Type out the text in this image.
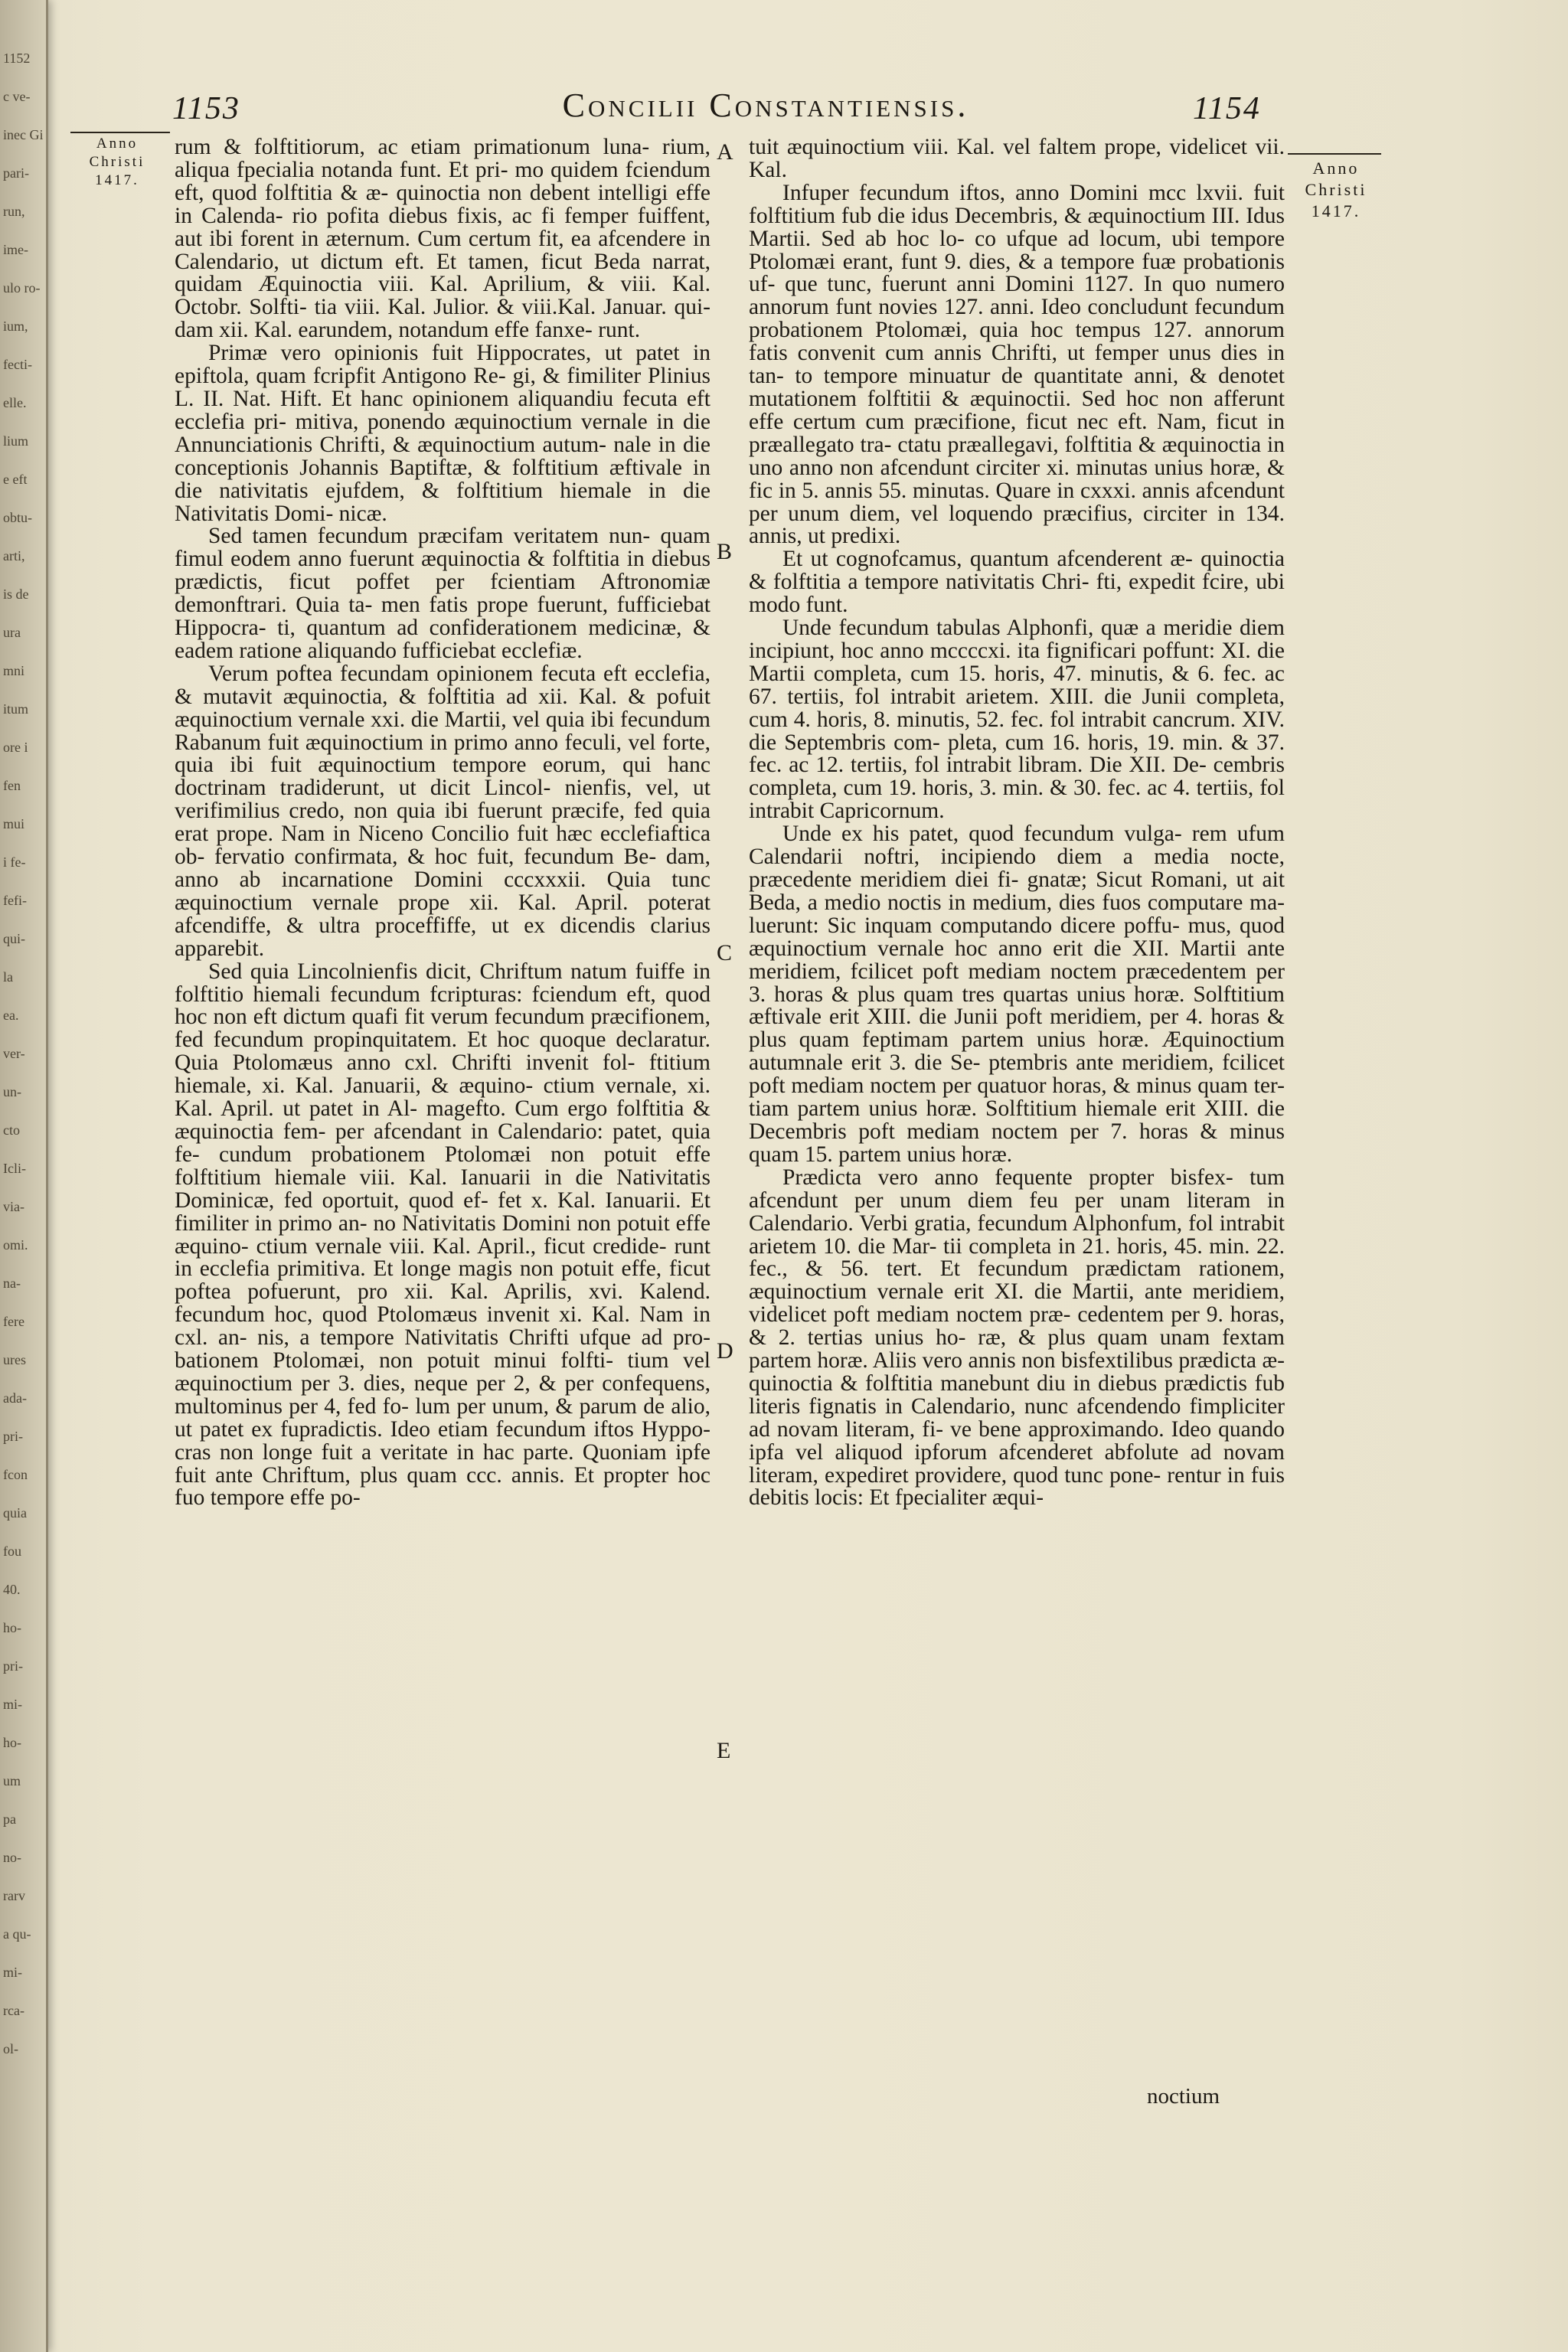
1152

c ve-

inec Gi

pari-

run,

ime-

ulo ro-

ium,

fecti-

elle.

lium

e eft

obtu-

arti,

is de

ura

mni

itum

ore i

fen

mui

i fe-

fefi-

qui-

la

ea.

ver-

un-

cto

Icli-

via-

omi.

na-

fere

ures

ada-

pri-

fcon

quia

fou

40.

ho-

pri-

mi-

ho-

um

pa

no-

rarv

a qu-

mi-

rca-

ol-

1153	Concilii Constantiensis.	1154

Anno
Christi
1417.

Anno
Christi
1417.

rum & folftitiorum, ac etiam primationum luna- rium, aliqua fpecialia notanda funt. Et pri- mo quidem fciendum eft, quod folftitia & æ- quinoctia non debent intelligi effe in Calenda- rio pofita diebus fixis, ac fi femper fuiffent, aut ibi forent in æternum. Cum certum fit, ea afcendere in Calendario, ut dictum eft. Et tamen, ficut Beda narrat, quidam Æquinoctia viii. Kal. Aprilium, & viii. Kal. Octobr. Solfti- tia viii. Kal. Julior. & viii.Kal. Januar. qui- dam xii. Kal. earundem, notandum effe fanxe- runt.

Primæ vero opinionis fuit Hippocrates, ut patet in epiftola, quam fcripfit Antigono Re- gi, & fimiliter Plinius L. II. Nat. Hift. Et hanc opinionem aliquandiu fecuta eft ecclefia pri- mitiva, ponendo æquinoctium vernale in die Annunciationis Chrifti, & æquinoctium autum- nale in die conceptionis Johannis Baptiftæ, & folftitium æftivale in die nativitatis ejufdem, & folftitium hiemale in die Nativitatis Domi- nicæ.

Sed tamen fecundum præcifam veritatem nun- quam fimul eodem anno fuerunt æquinoctia & folftitia in diebus prædictis, ficut poffet per fcientiam Aftronomiæ demonftrari. Quia ta- men fatis prope fuerunt, fufficiebat Hippocra- ti, quantum ad confiderationem medicinæ, & eadem ratione aliquando fufficiebat ecclefiæ.

Verum poftea fecundam opinionem fecuta eft ecclefia, & mutavit æquinoctia, & folftitia ad xii. Kal. & pofuit æquinoctium vernale xxi. die Martii, vel quia ibi fecundum Rabanum fuit æquinoctium in primo anno feculi, vel forte, quia ibi fuit æquinoctium tempore eorum, qui hanc doctrinam tradiderunt, ut dicit Lincol- nienfis, vel, ut verifimilius credo, non quia ibi fuerunt præcife, fed quia erat prope. Nam in Niceno Concilio fuit hæc ecclefiaftica ob- fervatio confirmata, & hoc fuit, fecundum Be- dam, anno ab incarnatione Domini cccxxxii. Quia tunc æquinoctium vernale prope xii. Kal. April. poterat afcendiffe, & ultra proceffiffe, ut ex dicendis clarius apparebit.

Sed quia Lincolnienfis dicit, Chriftum natum fuiffe in folftitio hiemali fecundum fcripturas: fciendum eft, quod hoc non eft dictum quafi fit verum fecundum præcifionem, fed fecundum propinquitatem. Et hoc quoque declaratur. Quia Ptolomæus anno cxl. Chrifti invenit fol- ftitium hiemale, xi. Kal. Januarii, & æquino- ctium vernale, xi. Kal. April. ut patet in Al- magefto. Cum ergo folftitia & æquinoctia fem- per afcendant in Calendario: patet, quia fe- cundum probationem Ptolomæi non potuit effe folftitium hiemale viii. Kal. Ianuarii in die Nativitatis Dominicæ, fed oportuit, quod ef- fet x. Kal. Ianuarii. Et fimiliter in primo an- no Nativitatis Domini non potuit effe æquino- ctium vernale viii. Kal. April., ficut credide- runt in ecclefia primitiva. Et longe magis non potuit effe, ficut poftea pofuerunt, pro xii. Kal. Aprilis, xvi. Kalend. fecundum hoc, quod Ptolomæus invenit xi. Kal. Nam in cxl. an- nis, a tempore Nativitatis Chrifti ufque ad pro- bationem Ptolomæi, non potuit minui folfti- tium vel æquinoctium per 3. dies, neque per 2, & per confequens, multominus per 4, fed fo- lum per unum, & parum de alio, ut patet ex fupradictis. Ideo etiam fecundum iftos Hyppo- cras non longe fuit a veritate in hac parte. Quoniam ipfe fuit ante Chriftum, plus quam ccc. annis. Et propter hoc fuo tempore effe po-

A
B
C
D
E

tuit æquinoctium viii. Kal. vel faltem prope, videlicet vii. Kal.

Infuper fecundum iftos, anno Domini mcc lxvii. fuit folftitium fub die idus Decembris, & æquinoctium III. Idus Martii. Sed ab hoc lo- co ufque ad locum, ubi tempore Ptolomæi erant, funt 9. dies, & a tempore fuæ probationis uf- que tunc, fuerunt anni Domini 1127. In quo numero annorum funt novies 127. anni. Ideo concludunt fecundum probationem Ptolomæi, quia hoc tempus 127. annorum fatis convenit cum annis Chrifti, ut femper unus dies in tan- to tempore minuatur de quantitate anni, & denotet mutationem folftitii & æquinoctii. Sed hoc non afferunt effe certum cum præcifione, ficut nec eft. Nam, ficut in præallegato tra- ctatu præallegavi, folftitia & æquinoctia in uno anno non afcendunt circiter xi. minutas unius horæ, & fic in 5. annis 55. minutas. Quare in cxxxi. annis afcendunt per unum diem, vel loquendo præcifius, circiter in 134. annis, ut predixi.

Et ut cognofcamus, quantum afcenderent æ- quinoctia & folftitia a tempore nativitatis Chri- fti, expedit fcire, ubi modo funt.

Unde fecundum tabulas Alphonfi, quæ a meridie diem incipiunt, hoc anno mccccxi. ita fignificari poffunt: XI. die Martii completa, cum 15. horis, 47. minutis, & 6. fec. ac 67. tertiis, fol intrabit arietem. XIII. die Junii completa, cum 4. horis, 8. minutis, 52. fec. fol intrabit cancrum. XIV. die Septembris com- pleta, cum 16. horis, 19. min. & 37. fec. ac 12. tertiis, fol intrabit libram. Die XII. De- cembris completa, cum 19. horis, 3. min. & 30. fec. ac 4. tertiis, fol intrabit Capricornum.

Unde ex his patet, quod fecundum vulga- rem ufum Calendarii noftri, incipiendo diem a media nocte, præcedente meridiem diei fi- gnatæ; Sicut Romani, ut ait Beda, a medio noctis in medium, dies fuos computare ma- luerunt: Sic inquam computando dicere poffu- mus, quod æquinoctium vernale hoc anno erit die XII. Martii ante meridiem, fcilicet poft mediam noctem præcedentem per 3. horas & plus quam tres quartas unius horæ. Solftitium æftivale erit XIII. die Junii poft meridiem, per 4. horas & plus quam feptimam partem unius horæ. Æquinoctium autumnale erit 3. die Se- ptembris ante meridiem, fcilicet poft mediam noctem per quatuor horas, & minus quam ter- tiam partem unius horæ. Solftitium hiemale erit XIII. die Decembris poft mediam noctem per 7. horas & minus quam 15. partem unius horæ.

Prædicta vero anno fequente propter bisfex- tum afcendunt per unum diem feu per unam literam in Calendario. Verbi gratia, fecundum Alphonfum, fol intrabit arietem 10. die Mar- tii completa in 21. horis, 45. min. 22. fec., & 56. tert. Et fecundum prædictam rationem, æquinoctium vernale erit XI. die Martii, ante meridiem, videlicet poft mediam noctem præ- cedentem per 9. horas, & 2. tertias unius ho- ræ, & plus quam unam fextam partem horæ. Aliis vero annis non bisfextilibus prædicta æ- quinoctia & folftitia manebunt diu in diebus prædictis fub literis fignatis in Calendario, nunc afcendendo fimpliciter ad novam literam, fi- ve bene approximando. Ideo quando ipfa vel aliquod ipforum afcenderet abfolute ad novam literam, expediret providere, quod tunc pone- rentur in fuis debitis locis: Et fpecialiter æqui-

noctium
